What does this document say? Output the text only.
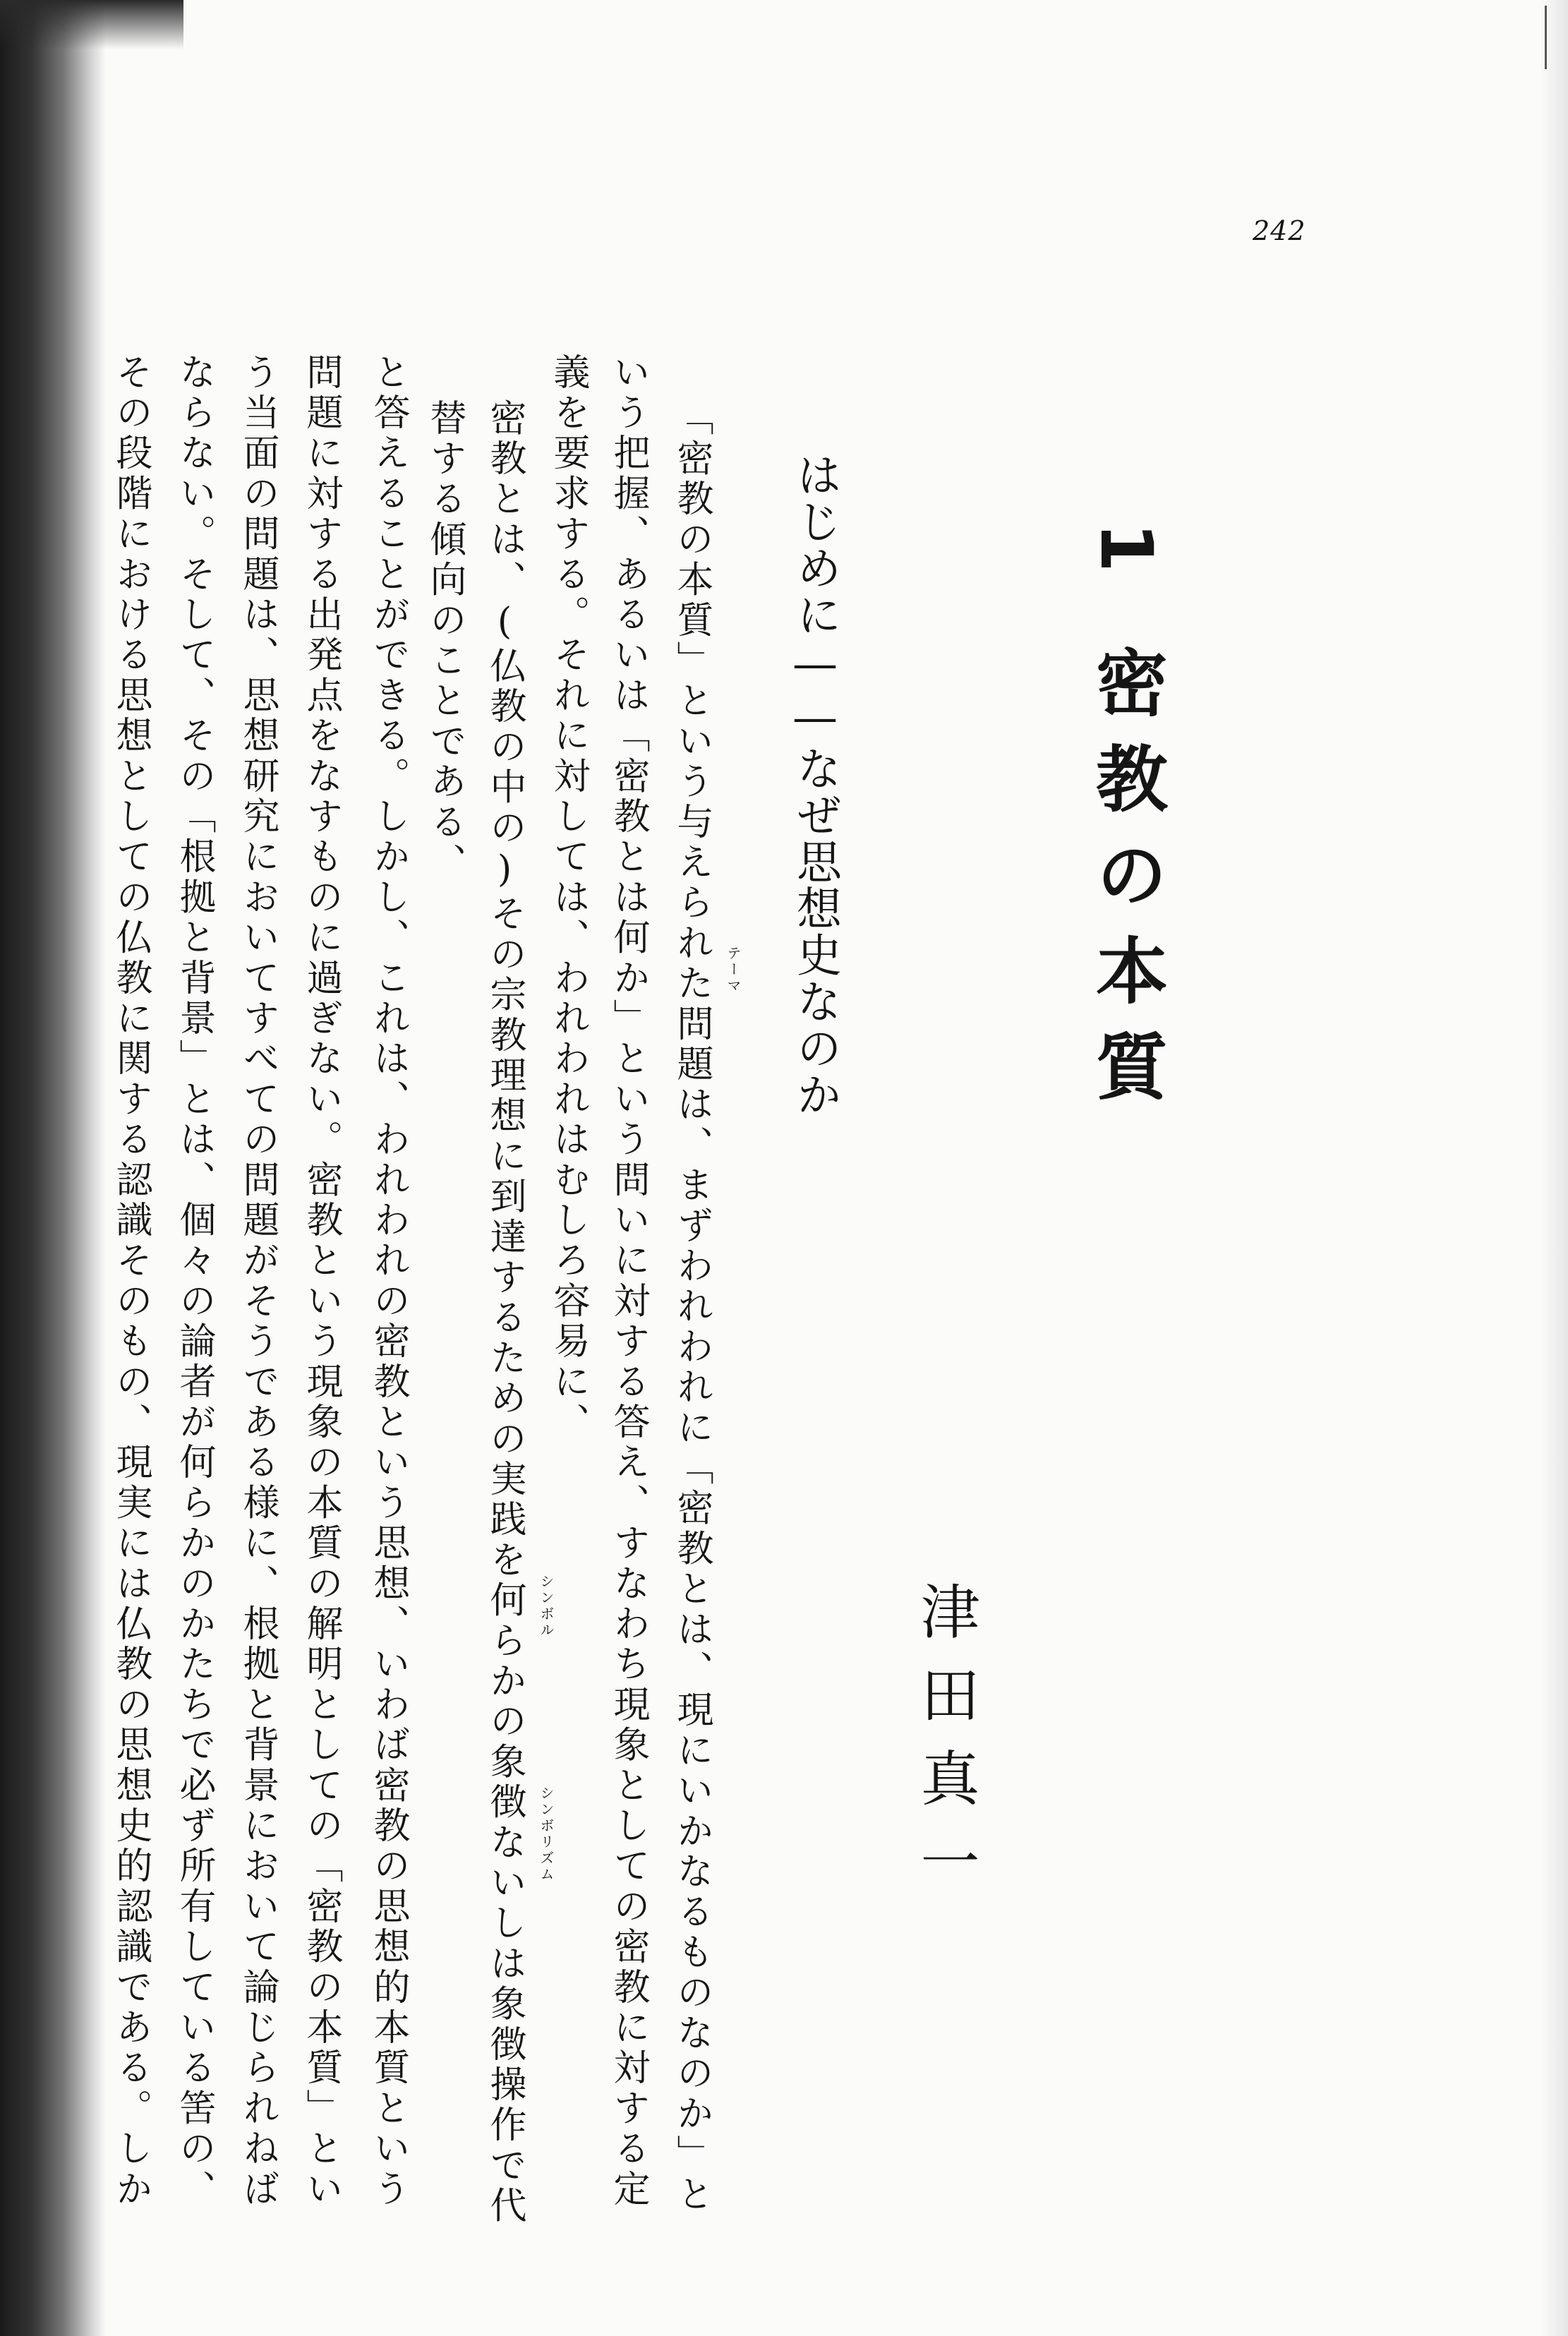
242
1密教の本質
津田真一
はじめに——なぜ思想史なのか
「密教の本質」という与えられた問題は、まずわれわれに「密教とは、現にいかなるものなのか」と
いう把握、あるいは「密教とは何か」という問いに対する答え、すなわち現象としての密教に対する定
義を要求する。それに対しては、われわれはむしろ容易に、
密教とは、(仏教の中の)その宗教理想に到達するための実践を何らかの象徴ないしは象徴操作で代
替する傾向のことである、
と答えることができる。しかし、これは、われわれの密教という思想、いわば密教の思想的本質という
問題に対する出発点をなすものに過ぎない。密教という現象の本質の解明としての「密教の本質」とい
う当面の問題は、思想研究においてすべての問題がそうである様に、根拠と背景において論じられねば
ならない。そして、その「根拠と背景」とは、個々の論者が何らかのかたちで必ず所有している筈の、
その段階における思想としての仏教に関する認識そのもの、現実には仏教の思想史的認識である。しか	テーマ
シンボル
シンボリズム
